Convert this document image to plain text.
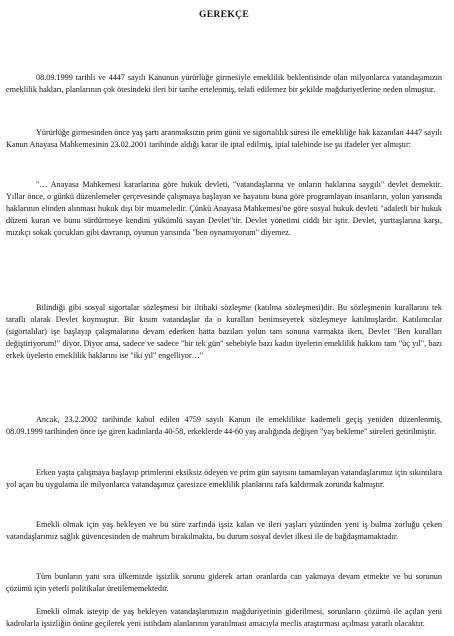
GEREKÇE

08.09.1999 tarihli ve 4447 sayılı Kanunun yürürlüğe girmesiyle emeklilik beklentisinde olan milyonlarca vatandaşımızın emeklilik hakları, planlarının çok ötesindeki ileri bir tarihe ertelenmiş, telafi edilemez bir şekilde mağduriyetlerine neden olmuştur.

Yürürlüğe girmesinden önce yaş şartı aranmaksızın prim günü ve sigortalılık süresi ile emekliliğe hak kazanılan 4447 sayılı Kanun Anayasa Mahkemesinin 23.02.2001 tarihinde aldığı karar ile iptal edilmiş, iptal talebinde ise şu ifadeler yer almıştır:

"… Anayasa Mahkemesi kararlarına göre hukuk devleti, "vatandaşlarına ve onların haklarına saygılı" devlet demektir. Yıllar önce, o günkü düzenlemeler çerçevesinde çalışmaya başlayan ve hayatını buna göre programlayan insanların, yolun yarısında haklarının elinden alınması hukuk dışı bir muameledir. Çünkü Anayasa Mahkemesi'ne göre sosyal hukuk devleti "adaletli bir hukuk düzeni kuran ve bunu sürdürmeye kendini yükümlü sayan Devlet"tir. Devlet yönetimi ciddi bir iştir. Devlet, yurttaşlarına karşı, mızıkçı sokak çocukları gibi davranıp, oyunun yarısında "ben oynamıyorum" diyemez.

Bilindiği gibi sosyal sigortalar sözleşmesi bir iltihaki sözleşme (katılma sözleşmesi)dir. Bu sözleşmenin kurallarını tek taraflı olarak Devlet koymuştur. Bir kısım vatandaşlar da o kuralları benimseyerek sözleşmeye katılmışlardır. Katılımcılar (sigortalılar) işe başlayıp çalışmalarına devam ederken hatta bazıları yolun tam sonuna varmakta iken, Devlet "Ben kuralları değiştiriyorum!" diyor. Diyor ama, sadece ve sadece "bir tek gün" sebebiyle bazı kadın üyelerin emeklilik hakkını tam "üç yıl", bazı erkek üyelerin emeklilik haklarını ise "iki yıl" engelliyor…"

Ancak, 23.2.2002 tarihinde kabul edilen 4759 sayılı Kanun ile emeklilikte kademeli geçiş yeniden düzenlenmiş, 08.09.1999 tarihinden önce işe giren kadınlarda 40-58, erkeklerde 44-60 yaş aralığında değişen "yaş bekleme" süreleri getirilmiştir.

Erken yaşta çalışmaya başlayıp primlerini eksiksiz ödeyen ve prim gün sayısını tamamlayan vatandaşlarımız için sıkıntılara yol açan bu uygulama ile milyonlarca vatandaşımız çaresizce emeklilik planlarını rafa kaldırmak zorunda kalmıştır.

Emekli olmak için yaş bekleyen ve bu süre zarfında işsiz kalan ve ileri yaşları yüzünden yeni iş bulma zorluğu çeken vatandaşlarımız sağlık güvencesinden de mahrum bırakılmakta, bu durum sosyal devlet ilkesi ile de bağdaşmamaktadır.

Tüm bunların yanı sıra ülkemizde işsizlik sorunu giderek artan oranlarda can yakmaya devam etmekte ve bu sorunun çözümü için yeterli politikalar üretilememektedir.

Emekli olmak isteyip de yaş bekleyen vatandaşlarımızın mağduriyetinin giderilmesi, sorunların çözümü ile açılan yeni kadrolarla işsizliğin önüne geçilerek yeni istihdam alanlarının yaratılması amacıyla meclis araştırması açılması yararlı olacaktır.
